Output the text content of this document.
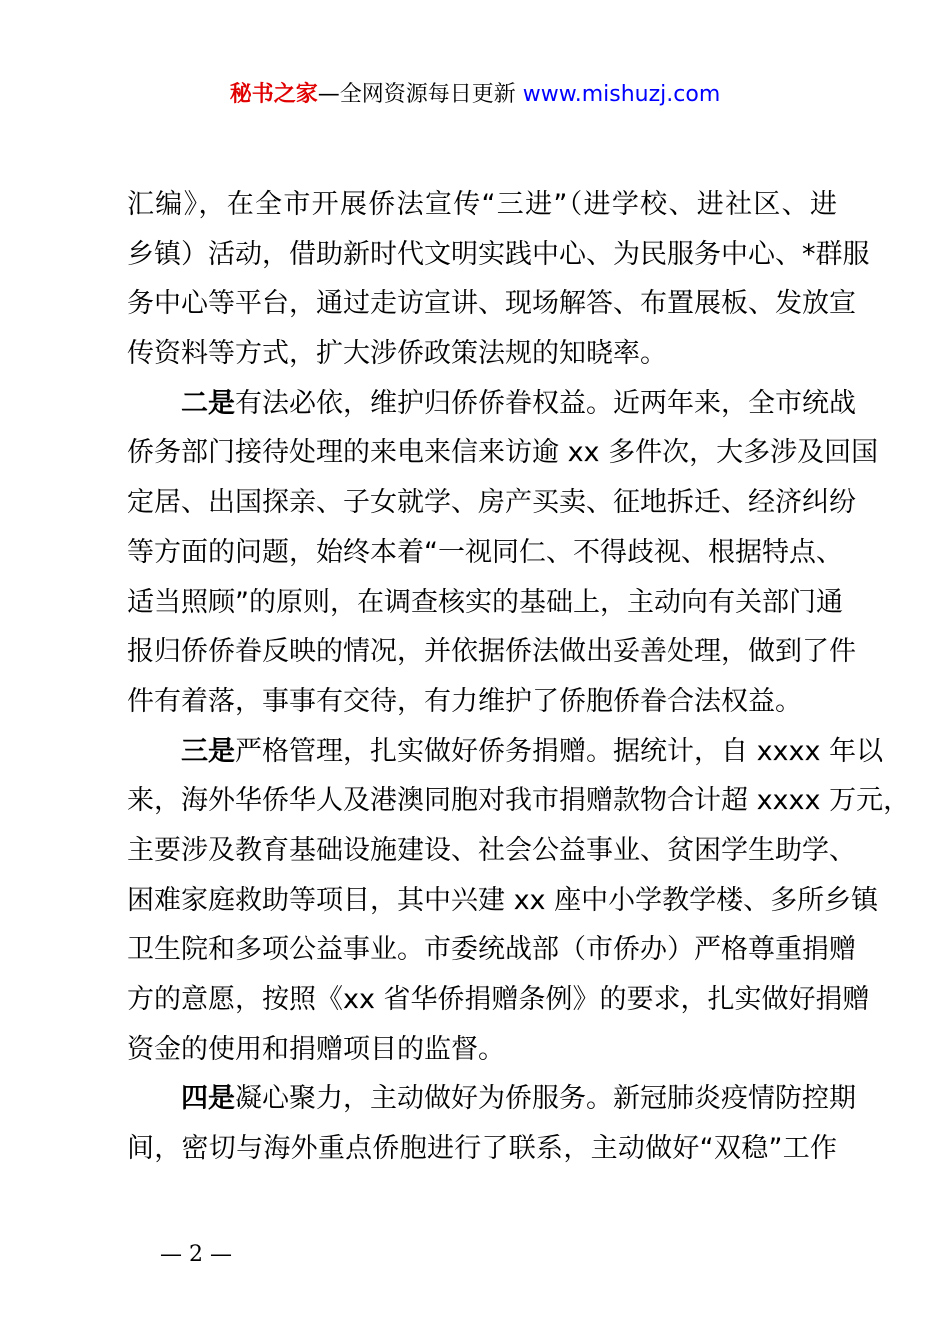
秘书之家—全网资源每日更新 www.mishuzj.com
汇编》，在全市开展侨法宣传“三进”（进学校、进社区、进
乡镇）活动，借助新时代文明实践中心、为民服务中心、*群服
务中心等平台，通过走访宣讲、现场解答、布置展板、发放宣
传资料等方式，扩大涉侨政策法规的知晓率。
二是有法必依，维护归侨侨眷权益。近两年来，全市统战
侨务部门接待处理的来电来信来访逾 xx 多件次，大多涉及回国
定居、出国探亲、子女就学、房产买卖、征地拆迁、经济纠纷
等方面的问题，始终本着“一视同仁、不得歧视、根据特点、
适当照顾”的原则，在调查核实的基础上，主动向有关部门通
报归侨侨眷反映的情况，并依据侨法做出妥善处理，做到了件
件有着落，事事有交待，有力维护了侨胞侨眷合法权益。
三是严格管理，扎实做好侨务捐赠。据统计，自 xxxx 年以
来，海外华侨华人及港澳同胞对我市捐赠款物合计超 xxxx 万元，
主要涉及教育基础设施建设、社会公益事业、贫困学生助学、
困难家庭救助等项目，其中兴建 xx 座中小学教学楼、多所乡镇
卫生院和多项公益事业。市委统战部（市侨办）严格尊重捐赠
方的意愿，按照《xx 省华侨捐赠条例》的要求，扎实做好捐赠
资金的使用和捐赠项目的监督。
四是凝心聚力，主动做好为侨服务。新冠肺炎疫情防控期
间，密切与海外重点侨胞进行了联系，主动做好“双稳”工作
— 2 —
